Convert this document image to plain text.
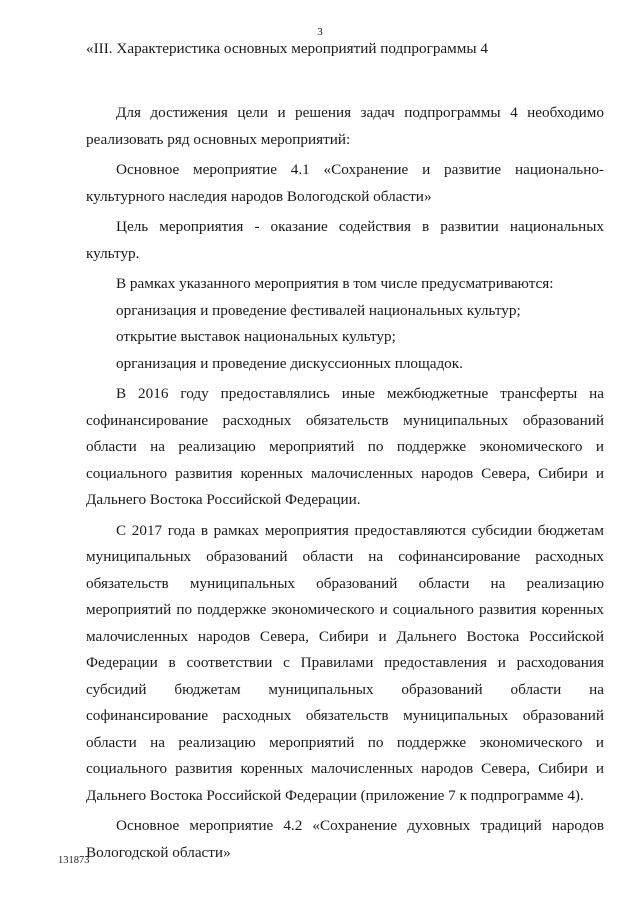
3
«III. Характеристика основных мероприятий подпрограммы 4

Для достижения цели и решения задач подпрограммы 4 необходимо реализовать ряд основных мероприятий:

Основное мероприятие 4.1 «Сохранение и развитие национально-культурного наследия народов Вологодской области»

Цель мероприятия - оказание содействия в развитии национальных культур.

В рамках указанного мероприятия в том числе предусматриваются:

организация и проведение фестивалей национальных культур;

открытие выставок национальных культур;

организация и проведение дискуссионных площадок.

В 2016 году предоставлялись иные межбюджетные трансферты на софинансирование расходных обязательств муниципальных образований области на реализацию мероприятий по поддержке экономического и социального развития коренных малочисленных народов Севера, Сибири и Дальнего Востока Российской Федерации.

С 2017 года в рамках мероприятия предоставляются субсидии бюджетам муниципальных образований области на софинансирование расходных обязательств муниципальных образований области на реализацию мероприятий по поддержке экономического и социального развития коренных малочисленных народов Севера, Сибири и Дальнего Востока Российской Федерации в соответствии с Правилами предоставления и расходования субсидий бюджетам муниципальных образований области на софинансирование расходных обязательств муниципальных образований области на реализацию мероприятий по поддержке экономического и социального развития коренных малочисленных народов Севера, Сибири и Дальнего Востока Российской Федерации (приложение 7 к подпрограмме 4).

Основное мероприятие 4.2 «Сохранение духовных традиций народов Вологодской области»

131873
